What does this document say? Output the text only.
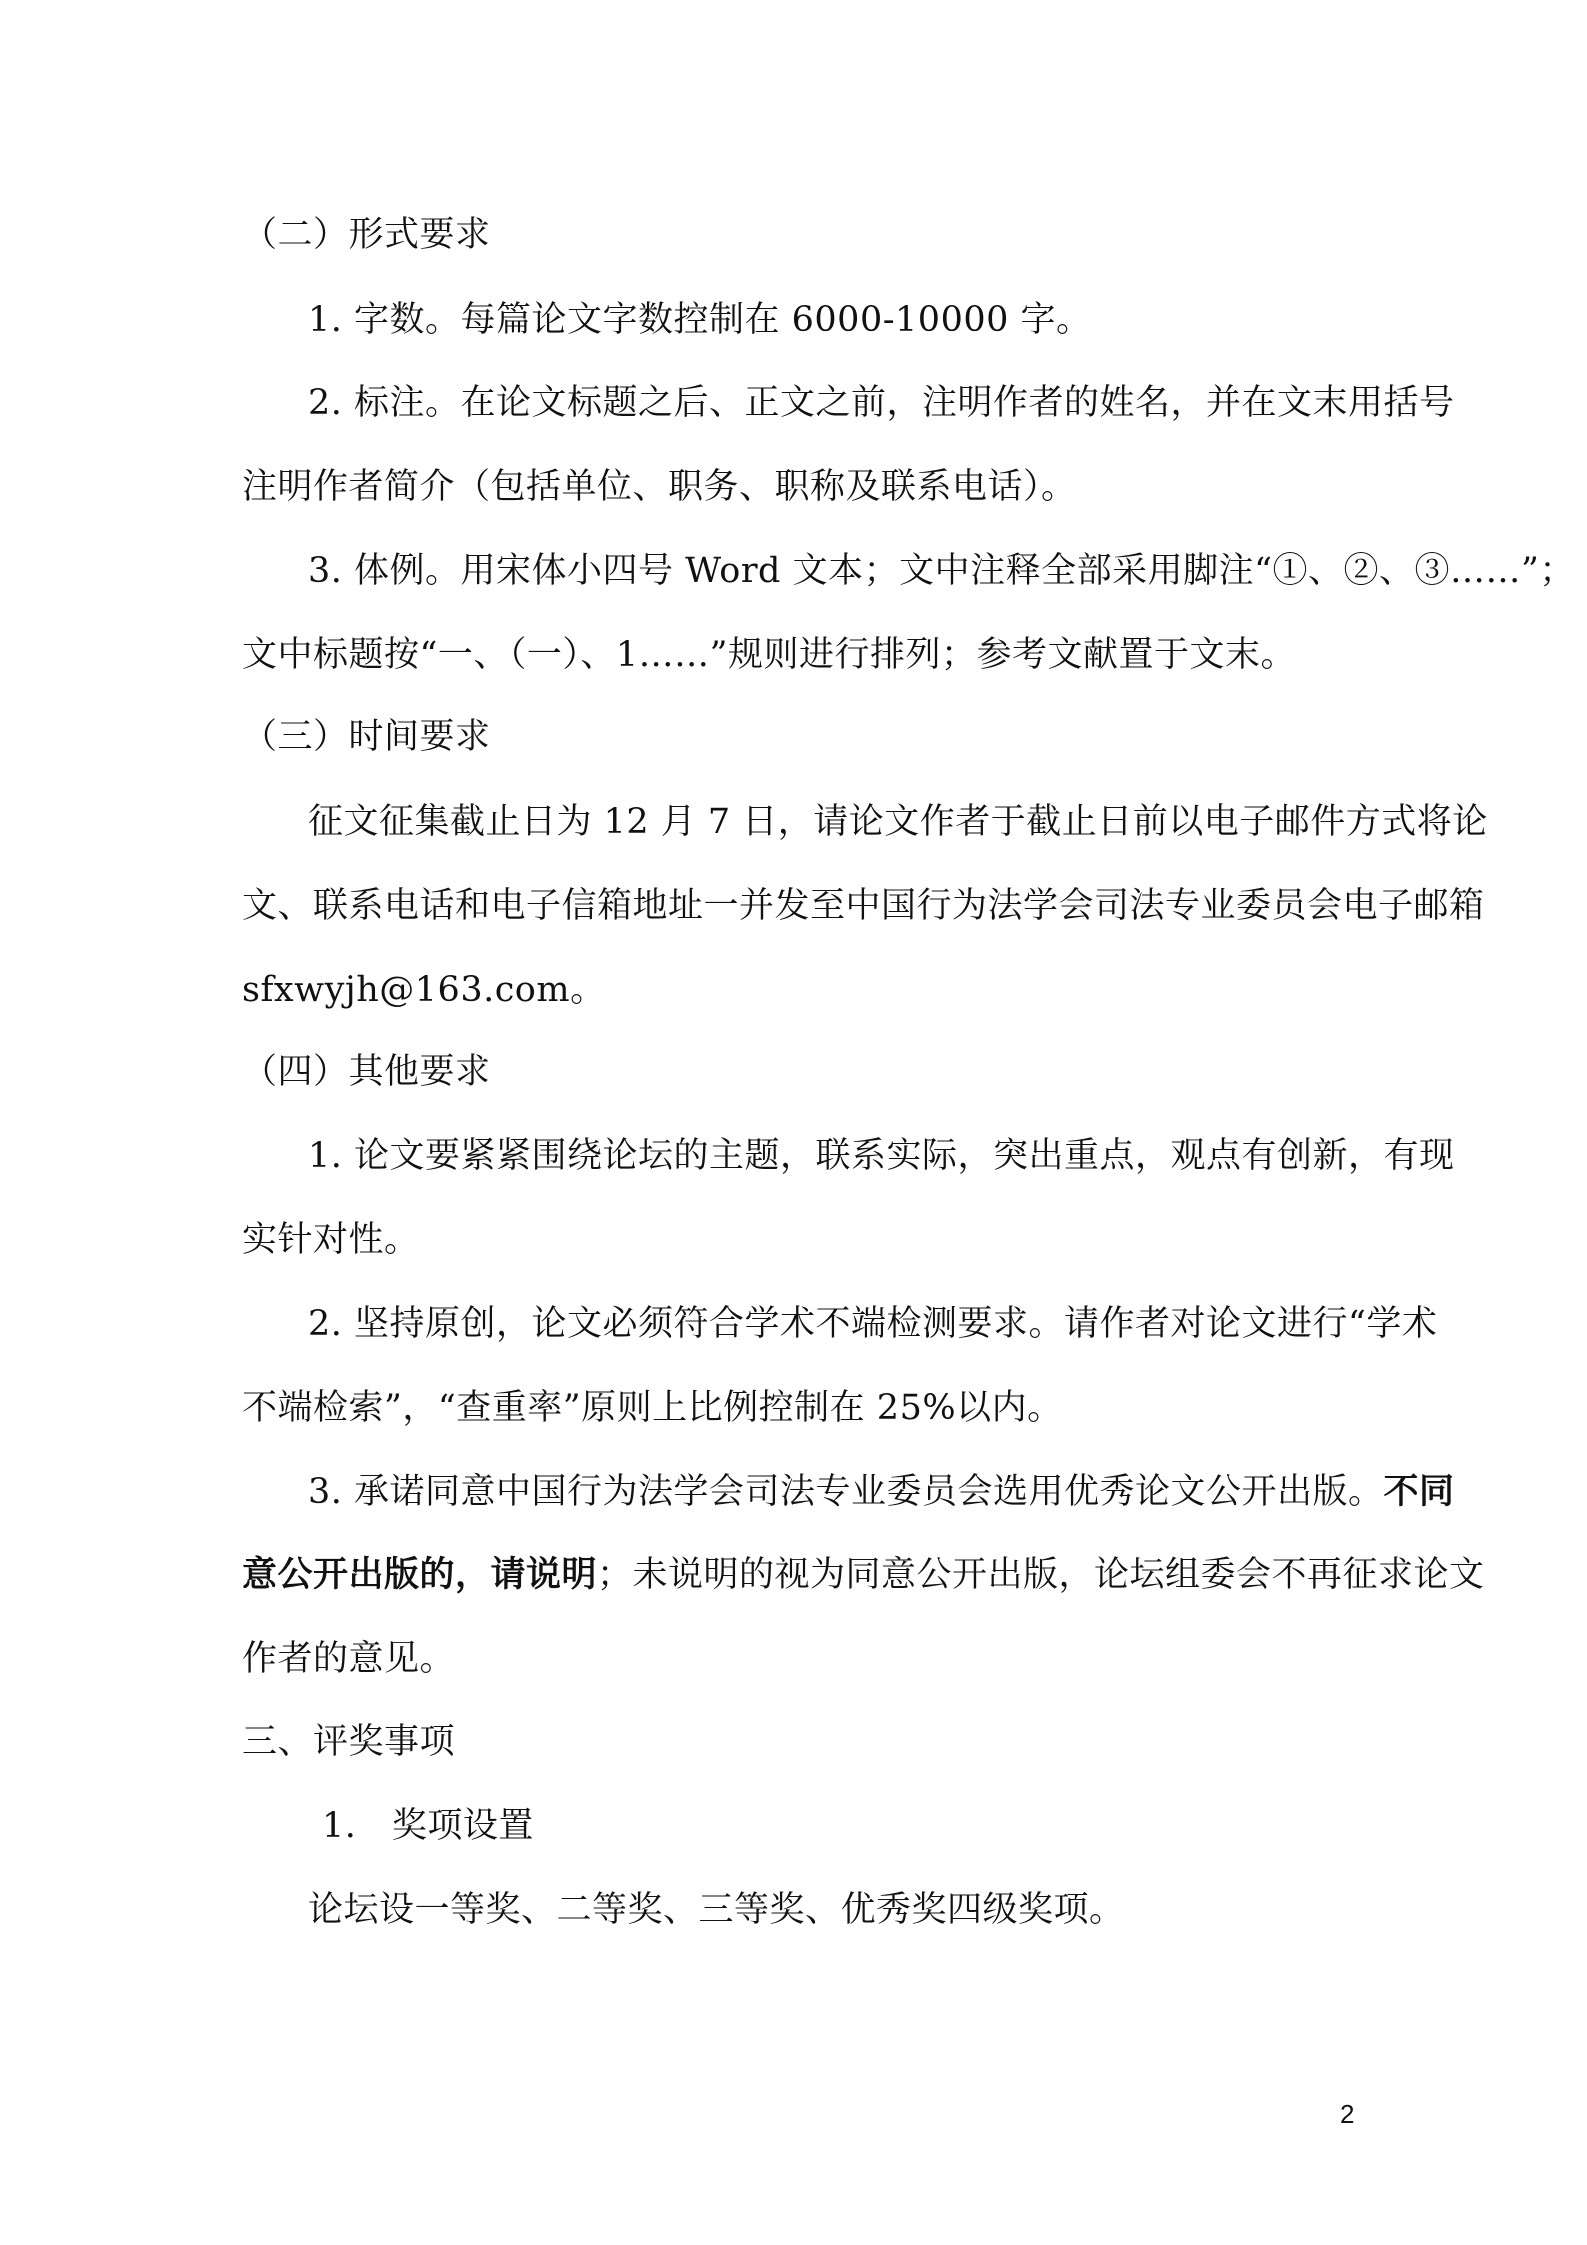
（二）形式要求
1. 字数。每篇论文字数控制在 6000-10000 字。
2. 标注。在论文标题之后、正文之前，注明作者的姓名，并在文末用括号
注明作者简介（包括单位、职务、职称及联系电话）。
3. 体例。用宋体小四号 Word 文本；文中注释全部采用脚注“①、②、③……”；
文中标题按“一、（一）、1……”规则进行排列；参考文献置于文末。
（三）时间要求
征文征集截止日为 12 月 7 日，请论文作者于截止日前以电子邮件方式将论
文、联系电话和电子信箱地址一并发至中国行为法学会司法专业委员会电子邮箱
sfxwyjh@163.com。
（四）其他要求
1. 论文要紧紧围绕论坛的主题，联系实际，突出重点，观点有创新，有现
实针对性。
2. 坚持原创，论文必须符合学术不端检测要求。请作者对论文进行“学术
不端检索”，“查重率”原则上比例控制在 25%以内。
3. 承诺同意中国行为法学会司法专业委员会选用优秀论文公开出版。不同
意公开出版的，请说明；未说明的视为同意公开出版，论坛组委会不再征求论文
作者的意见。
三、评奖事项
1.　奖项设置
论坛设一等奖、二等奖、三等奖、优秀奖四级奖项。
2
